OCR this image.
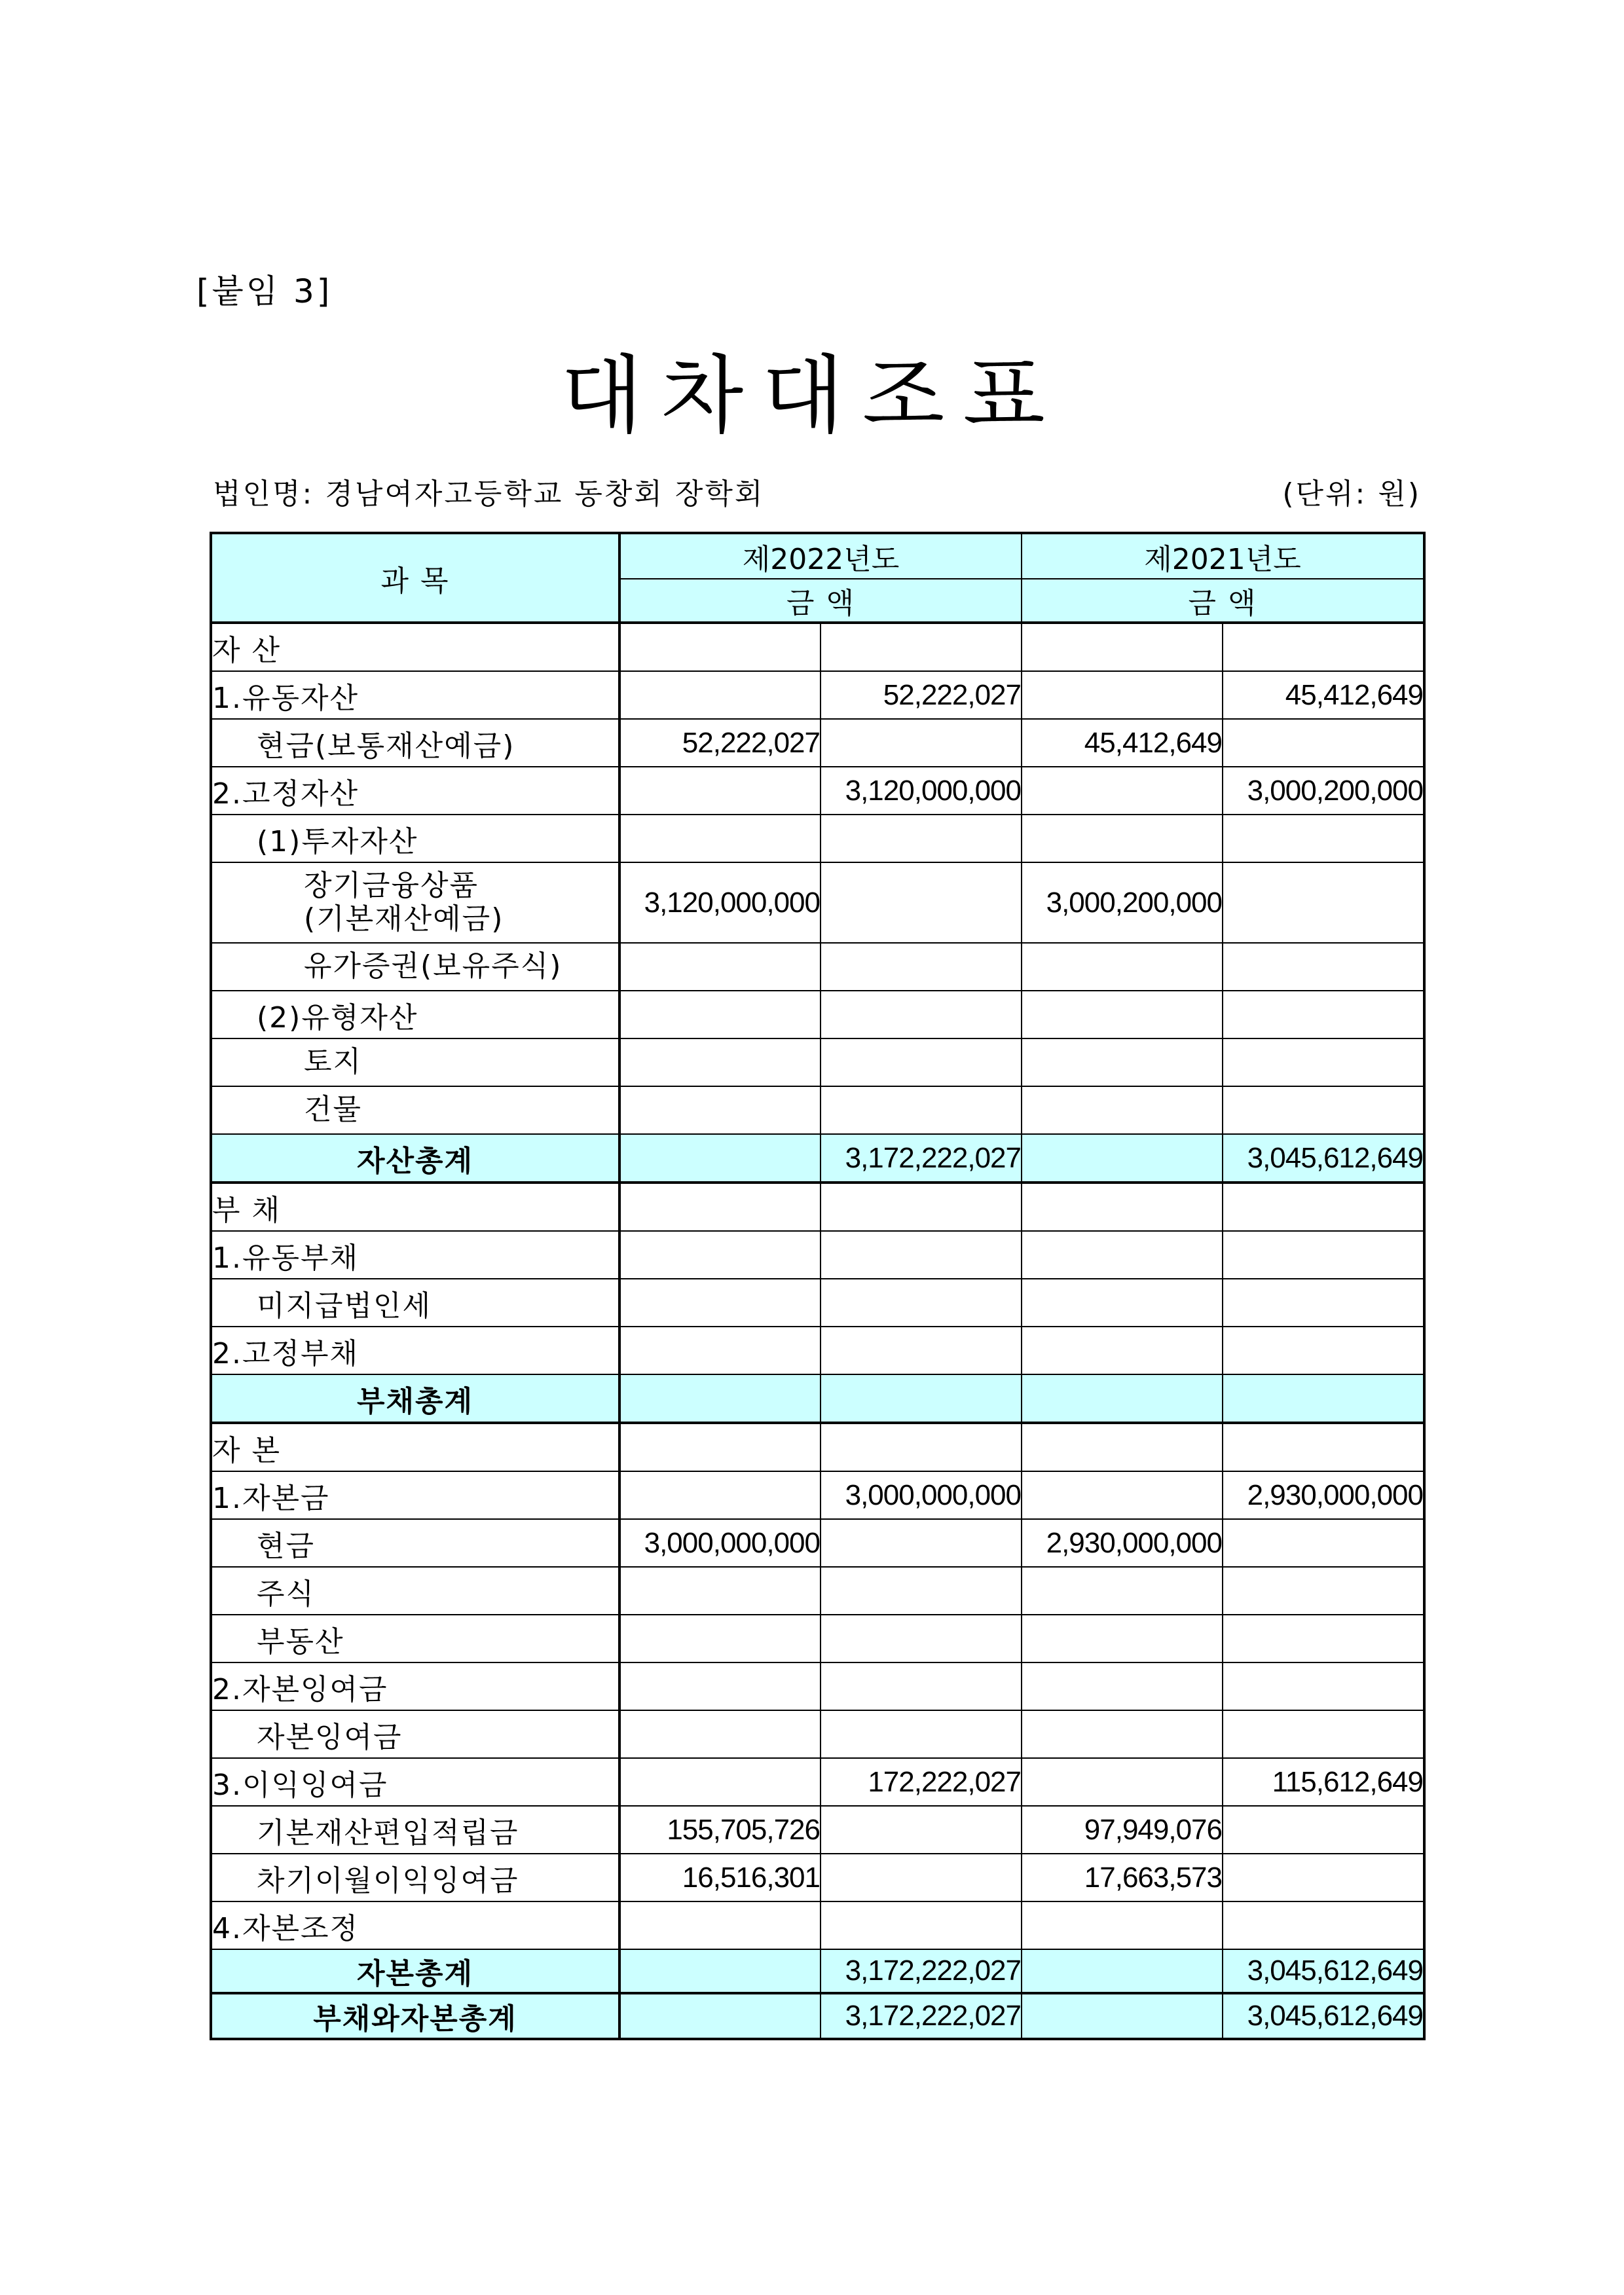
[붙임 3]
대차대조표
법인명: 경남여자고등학교 동창회 장학회	(단위: 원)
과 목	제2022년도		제2021년도	
	금 액		금 액	
자 산				
1.유동자산		52,222,027		45,412,649
현금(보통재산예금)	52,222,027		45,412,649	
2.고정자산		3,120,000,000		3,000,200,000
(1)투자자산				

장기금융상품
(기본재산예금)	3,120,000,000		3,000,200,000	
유가증권(보유주식)				
(2)유형자산				
토지				
건물				
자산총계		3,172,222,027		3,045,612,649
부 채				
1.유동부채				
미지급법인세				
2.고정부채				
부채총계				
자 본				
1.자본금		3,000,000,000		2,930,000,000
현금	3,000,000,000		2,930,000,000	
주식				
부동산				
2.자본잉여금				
자본잉여금				
3.이익잉여금		172,222,027		115,612,649
기본재산편입적립금	155,705,726		97,949,076	
차기이월이익잉여금	16,516,301		17,663,573	
4.자본조정				
자본총계		3,172,222,027		3,045,612,649
부채와자본총계		3,172,222,027		3,045,612,649
